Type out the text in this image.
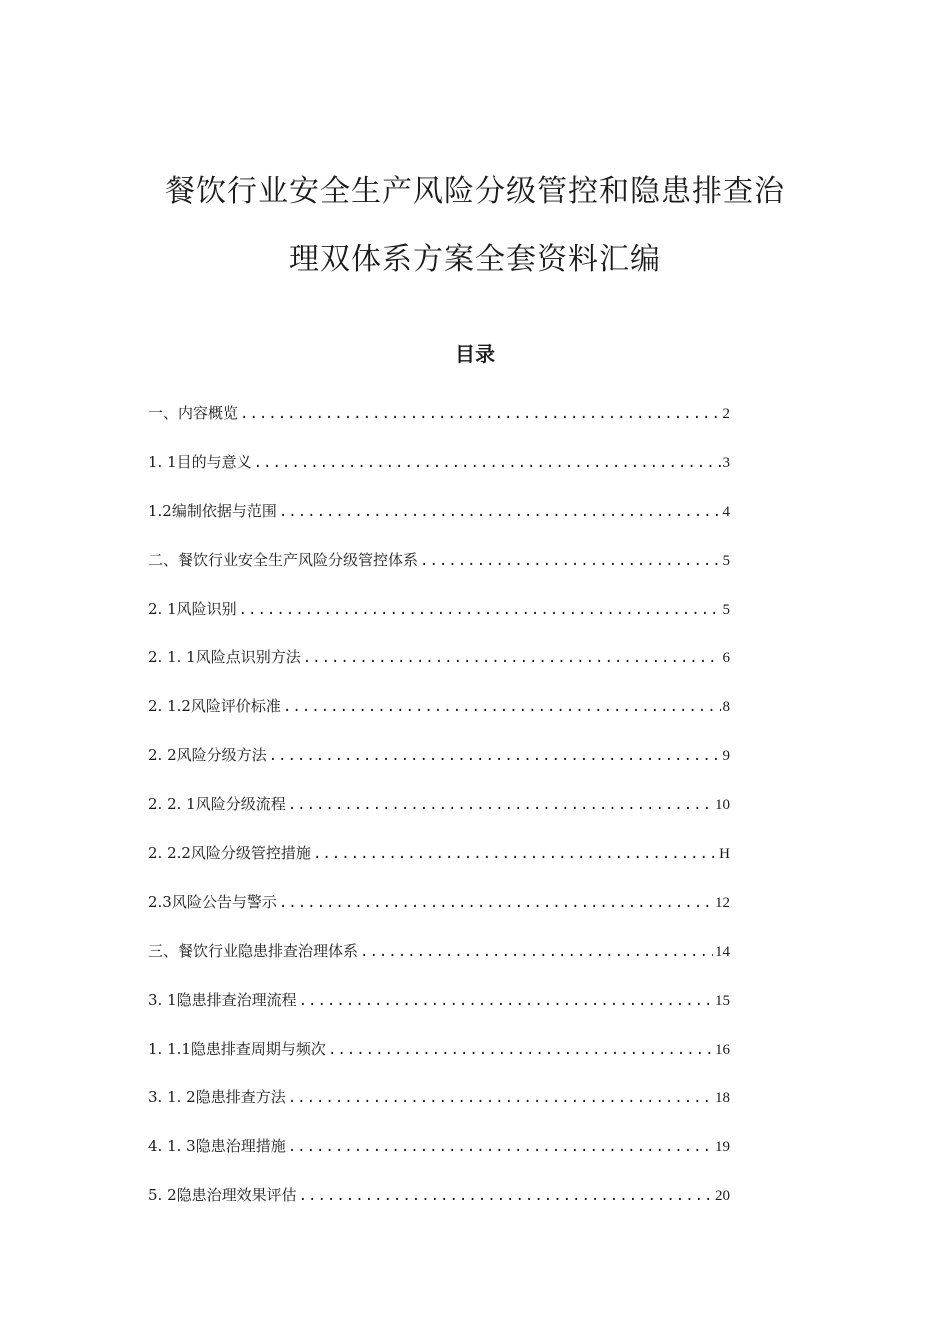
餐饮行业安全生产风险分级管控和隐患排查治
理双体系方案全套资料汇编
目录
一、内容概览 .....	2
1. 1目的与意义 .....	3
1.2编制依据与范围 .....	4
二、餐饮行业安全生产风险分级管控体系 .....	5
2. 1风险识别 .....	5
2. 1. 1风险点识别方法 .....	6
2. 1.2风险评价标准 .....	8
2. 2风险分级方法 .....	9
2. 2. 1风险分级流程 .....	10
2. 2.2风险分级管控措施 .....	H
2.3风险公告与警示 .....	12
三、餐饮行业隐患排查治理体系 .....	14
3. 1隐患排查治理流程 .....	15
1. 1.1隐患排查周期与频次 .....	16
3. 1. 2隐患排查方法 .....	18
4. 1. 3隐患治理措施 .....	19
5. 2隐患治理效果评估 .....	20
